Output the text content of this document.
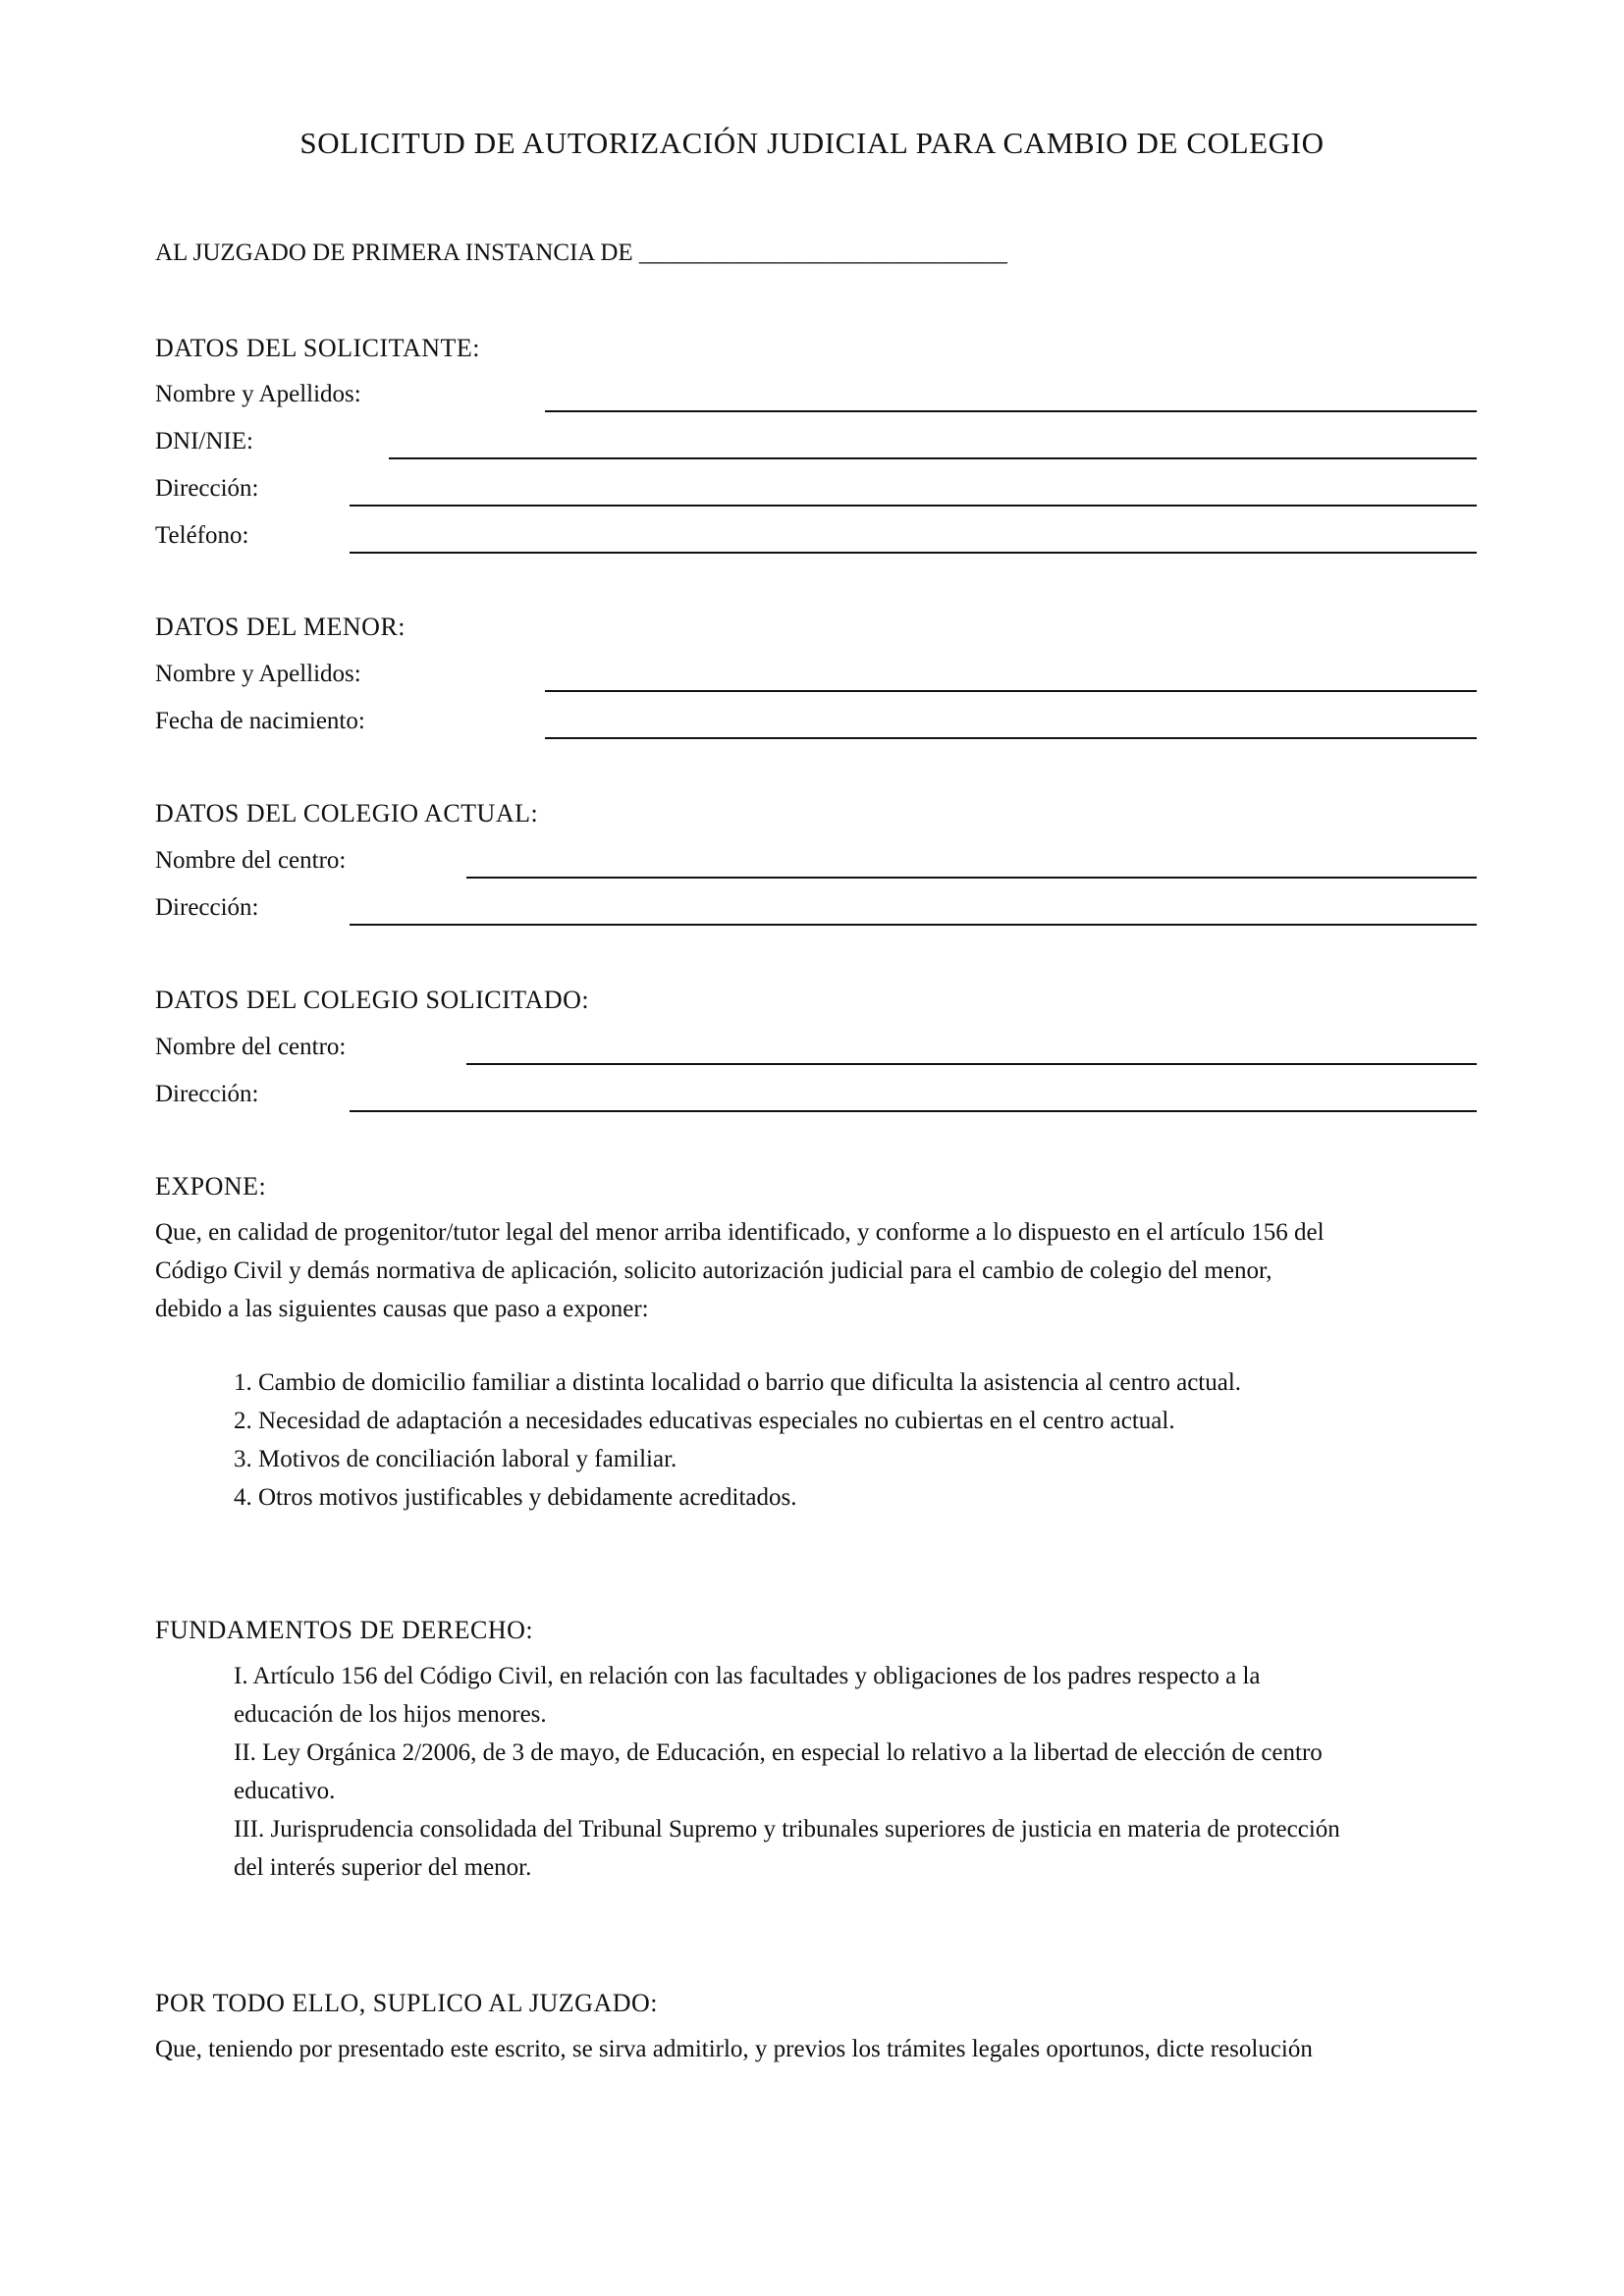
SOLICITUD DE AUTORIZACIÓN JUDICIAL PARA CAMBIO DE COLEGIO
AL JUZGADO DE PRIMERA INSTANCIA DE ______________________________
DATOS DEL SOLICITANTE:
Nombre y Apellidos:
DNI/NIE:
Dirección:
Teléfono:
DATOS DEL MENOR:
Nombre y Apellidos:
Fecha de nacimiento:
DATOS DEL COLEGIO ACTUAL:
Nombre del centro:
Dirección:
DATOS DEL COLEGIO SOLICITADO:
Nombre del centro:
Dirección:
EXPONE:
Que, en calidad de progenitor/tutor legal del menor arriba identificado, y conforme a lo dispuesto en el artículo 156 del
Código Civil y demás normativa de aplicación, solicito autorización judicial para el cambio de colegio del menor,
debido a las siguientes causas que paso a exponer:
1. Cambio de domicilio familiar a distinta localidad o barrio que dificulta la asistencia al centro actual.
2. Necesidad de adaptación a necesidades educativas especiales no cubiertas en el centro actual.
3. Motivos de conciliación laboral y familiar.
4. Otros motivos justificables y debidamente acreditados.
FUNDAMENTOS DE DERECHO:
I. Artículo 156 del Código Civil, en relación con las facultades y obligaciones de los padres respecto a la
educación de los hijos menores.
II. Ley Orgánica 2/2006, de 3 de mayo, de Educación, en especial lo relativo a la libertad de elección de centro
educativo.
III. Jurisprudencia consolidada del Tribunal Supremo y tribunales superiores de justicia en materia de protección
del interés superior del menor.
POR TODO ELLO, SUPLICO AL JUZGADO:
Que, teniendo por presentado este escrito, se sirva admitirlo, y previos los trámites legales oportunos, dicte resolución
